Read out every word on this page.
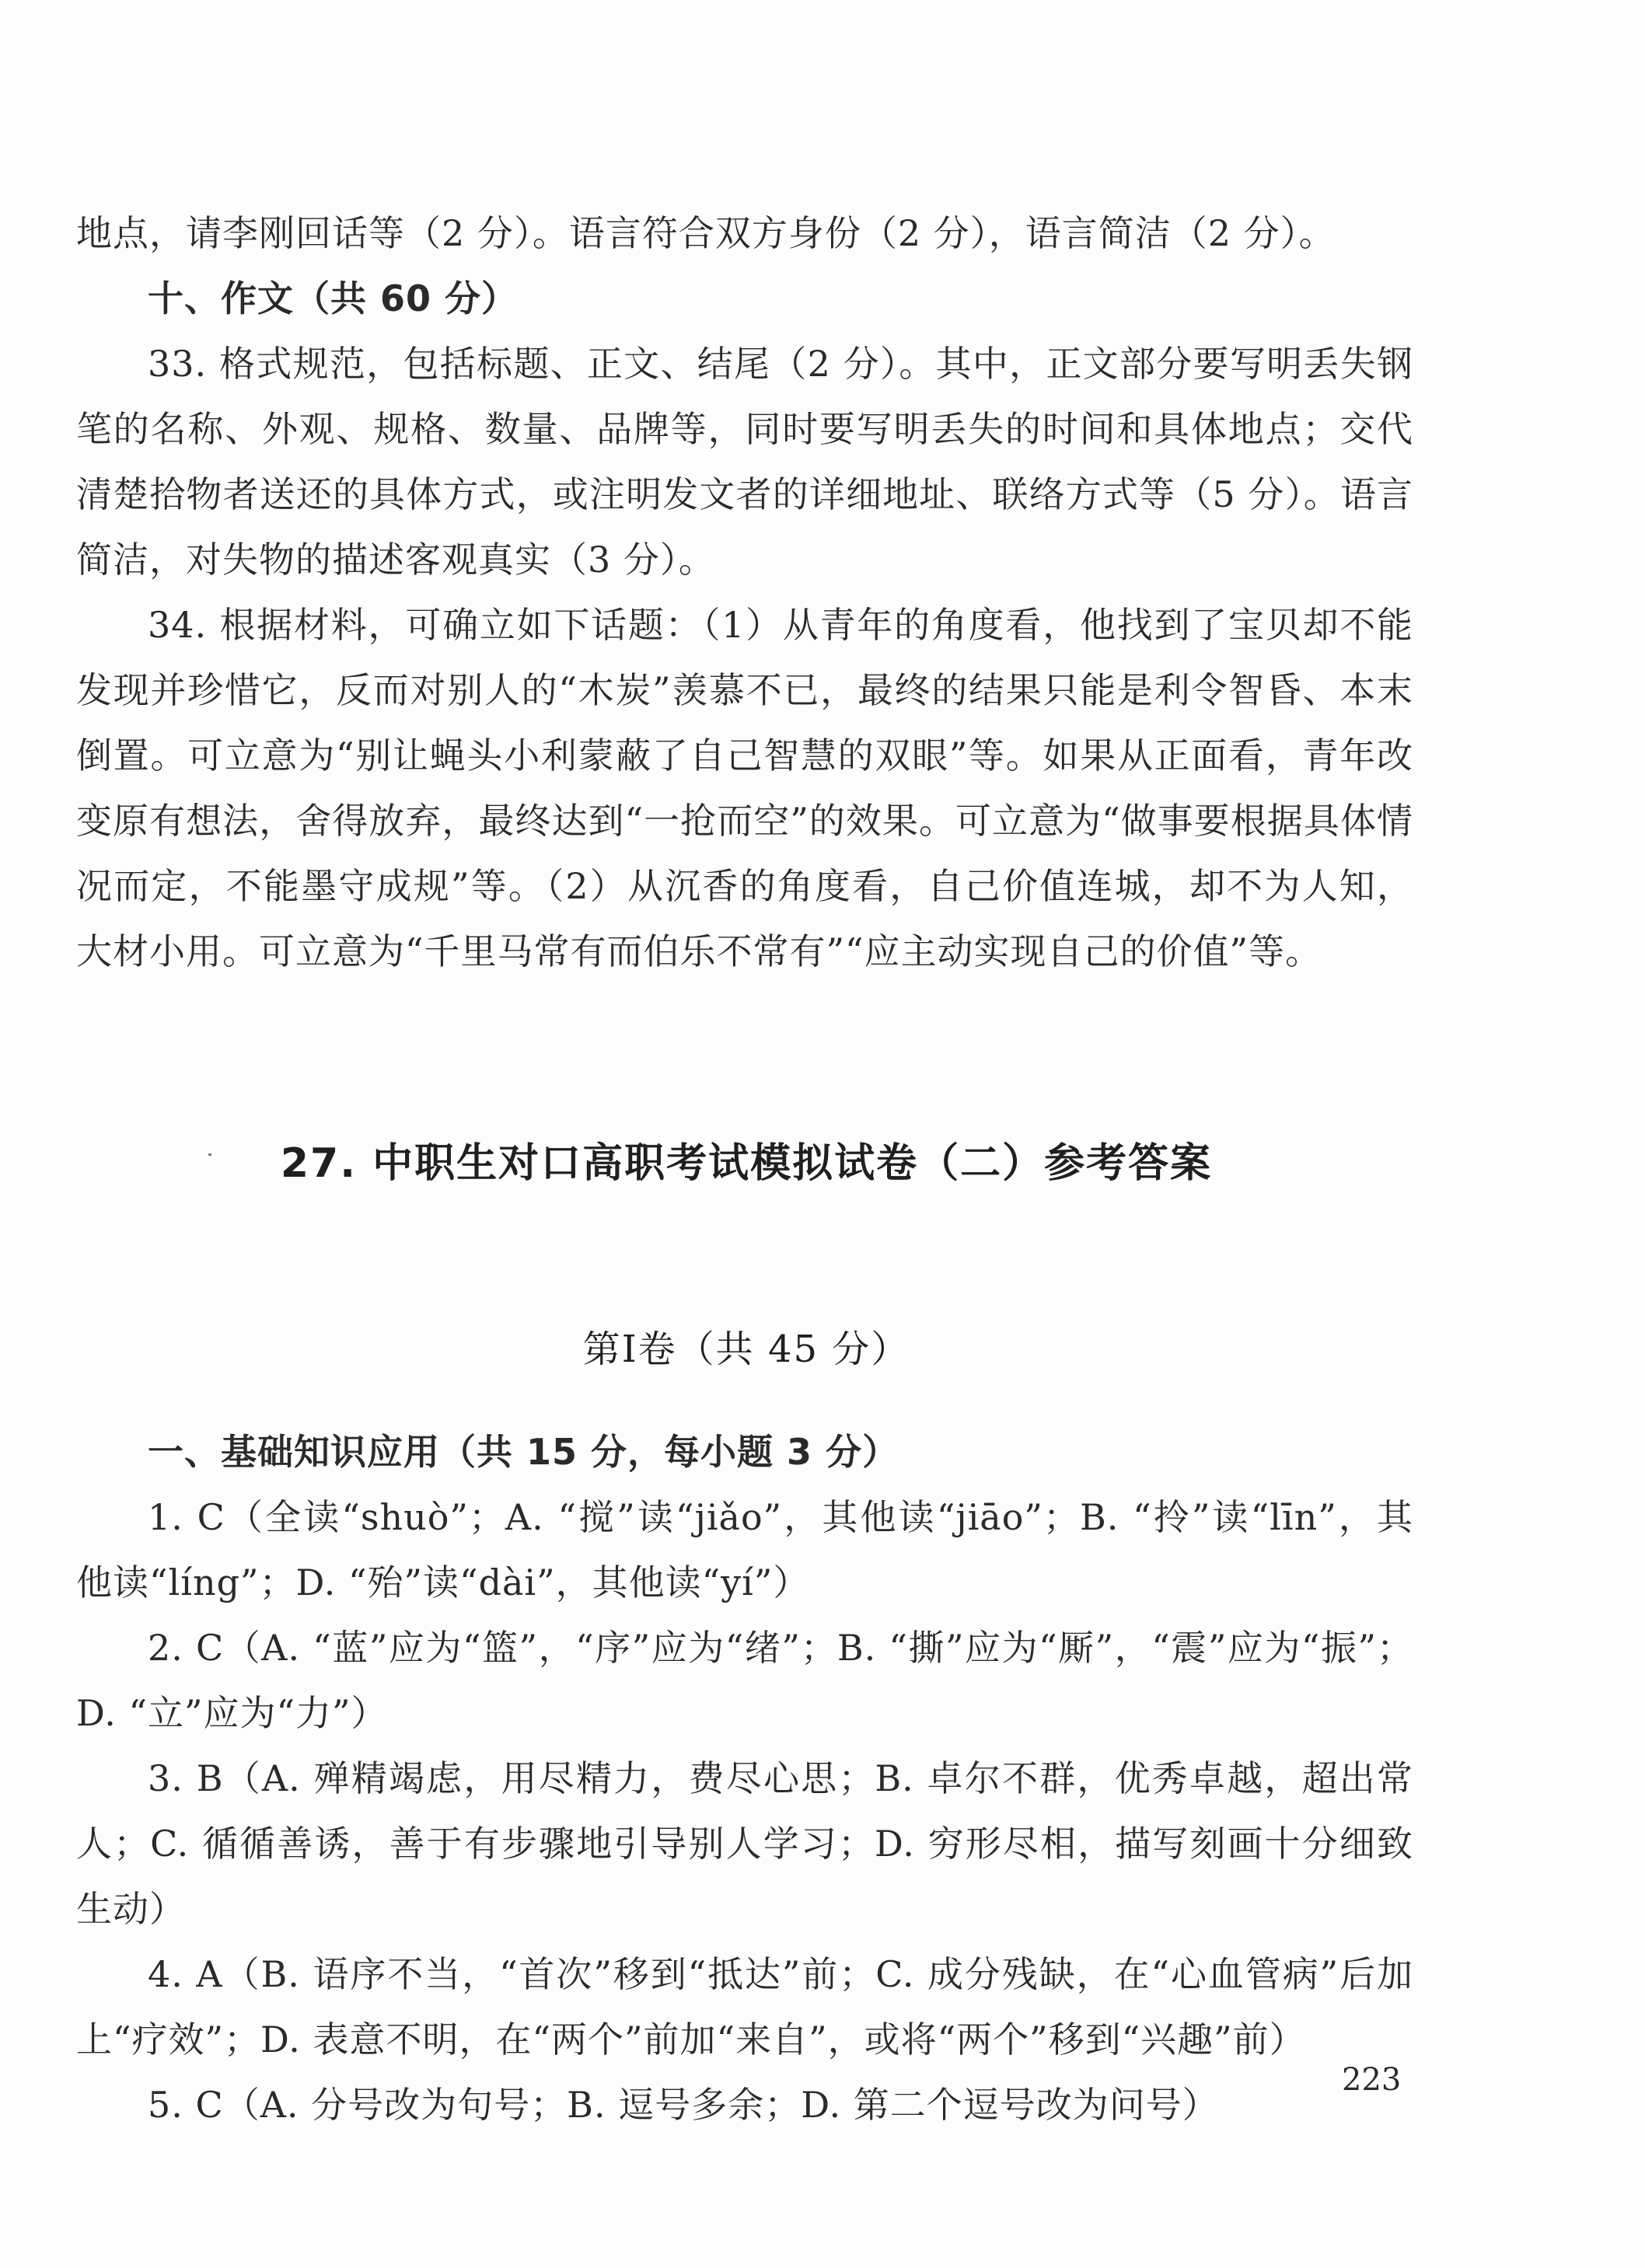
地点，请李刚回话等（2 分）。语言符合双方身份（2 分），语言简洁（2 分）。

十、作文（共 60 分）

33. 格式规范，包括标题、正文、结尾（2 分）。其中，正文部分要写明丢失钢笔的名称、外观、规格、数量、品牌等，同时要写明丢失的时间和具体地点；交代清楚拾物者送还的具体方式，或注明发文者的详细地址、联络方式等（5 分）。语言简洁，对失物的描述客观真实（3 分）。

34. 根据材料，可确立如下话题：（1）从青年的角度看，他找到了宝贝却不能发现并珍惜它，反而对别人的“木炭”羡慕不已，最终的结果只能是利令智昏、本末倒置。可立意为“别让蝇头小利蒙蔽了自己智慧的双眼”等。如果从正面看，青年改变原有想法，舍得放弃，最终达到“一抢而空”的效果。可立意为“做事要根据具体情况而定，不能墨守成规”等。（2）从沉香的角度看，自己价值连城，却不为人知，大材小用。可立意为“千里马常有而伯乐不常有”“应主动实现自己的价值”等。

27. 中职生对口高职考试模拟试卷（二）参考答案
第Ⅰ卷（共 45 分）

一、基础知识应用（共 15 分，每小题 3 分）

1. C（全读“shuò”；A. “搅”读“jiǎo”，其他读“jiāo”；B. “拎”读“līn”，其他读“líng”；D. “殆”读“dài”，其他读“yí”）

2. C（A. “蓝”应为“篮”，“序”应为“绪”；B. “撕”应为“厮”，“震”应为“振”；D. “立”应为“力”）

3. B（A. 殚精竭虑，用尽精力，费尽心思；B. 卓尔不群，优秀卓越，超出常人；C. 循循善诱，善于有步骤地引导别人学习；D. 穷形尽相，描写刻画十分细致生动）

4. A（B. 语序不当，“首次”移到“抵达”前；C. 成分残缺，在“心血管病”后加上“疗效”；D. 表意不明，在“两个”前加“来自”，或将“两个”移到“兴趣”前）

5. C（A. 分号改为句号；B. 逗号多余；D. 第二个逗号改为问号）

223
